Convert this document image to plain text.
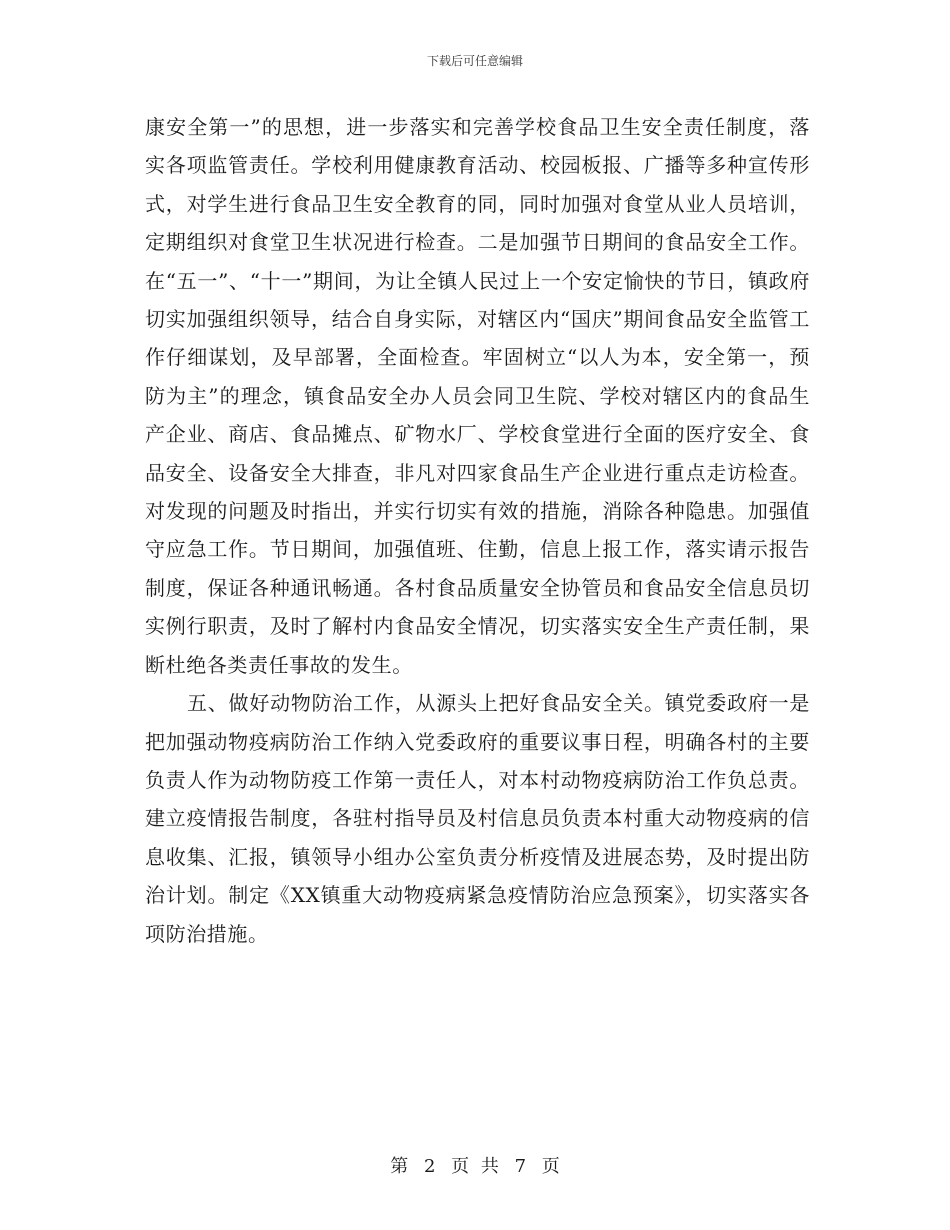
下载后可任意编辑

康安全第一”的思想，进一步落实和完善学校食品卫生安全责任制度，落实各项监管责任。学校利用健康教育活动、校园板报、广播等多种宣传形式，对学生进行食品卫生安全教育的同，同时加强对食堂从业人员培训，定期组织对食堂卫生状况进行检查。二是加强节日期间的食品安全工作。在“五一”、“十一”期间，为让全镇人民过上一个安定愉快的节日，镇政府切实加强组织领导，结合自身实际，对辖区内“国庆”期间食品安全监管工作仔细谋划，及早部署，全面检查。牢固树立“以人为本，安全第一，预防为主”的理念，镇食品安全办人员会同卫生院、学校对辖区内的食品生产企业、商店、食品摊点、矿物水厂、学校食堂进行全面的医疗安全、食品安全、设备安全大排查，非凡对四家食品生产企业进行重点走访检查。对发现的问题及时指出，并实行切实有效的措施，消除各种隐患。加强值守应急工作。节日期间，加强值班、住勤，信息上报工作，落实请示报告制度，保证各种通讯畅通。各村食品质量安全协管员和食品安全信息员切实例行职责，及时了解村内食品安全情况，切实落实安全生产责任制，果断杜绝各类责任事故的发生。

五、做好动物防治工作，从源头上把好食品安全关。镇党委政府一是把加强动物疫病防治工作纳入党委政府的重要议事日程，明确各村的主要负责人作为动物防疫工作第一责任人，对本村动物疫病防治工作负总责。建立疫情报告制度，各驻村指导员及村信息员负责本村重大动物疫病的信息收集、汇报，镇领导小组办公室负责分析疫情及进展态势，及时提出防治计划。制定《XX镇重大动物疫病紧急疫情防治应急预案》，切实落实各项防治措施。

第 2 页 共 7 页
